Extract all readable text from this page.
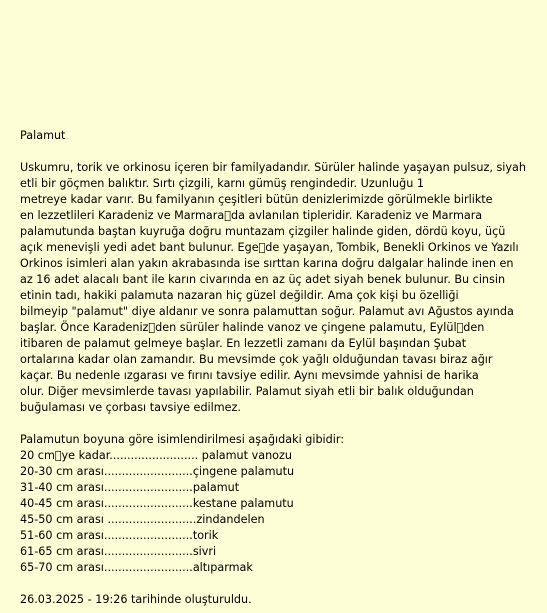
Palamut
Uskumru, torik ve orkinosu içeren bir familyadandır. Sürüler halinde yaşayan pulsuz, siyah
etli bir göçmen balıktır. Sırtı çizgili, karnı gümüş rengindedir. Uzunluğu 1
metreye kadar varır. Bu familyanın çeşitleri bütün denizlerimizde görülmekle birlikte
en lezzetlileri Karadeniz ve Marmara da avlanılan tipleridir. Karadeniz ve Marmara
palamutunda baştan kuyruğa doğru muntazam çizgiler halinde giden, dördü koyu, üçü
açık menevişli yedi adet bant bulunur. Ege de yaşayan, Tombik, Benekli Orkinos ve Yazılı
Orkinos isimleri alan yakın akrabasında ise sırttan karına doğru dalgalar halinde inen en
az 16 adet alacalı bant ile karın civarında en az üç adet siyah benek bulunur. Bu cinsin
etinin tadı, hakiki palamuta nazaran hiç güzel değildir. Ama çok kişi bu özelliği
bilmeyip "palamut" diye aldanır ve sonra palamuttan soğur. Palamut avı Ağustos ayında
başlar. Önce Karadeniz den sürüler halinde vanoz ve çingene palamutu, Eylül den
itibaren de palamut gelmeye başlar. En lezzetli zamanı da Eylül başından Şubat
ortalarına kadar olan zamandır. Bu mevsimde çok yağlı olduğundan tavası biraz ağır
kaçar. Bu nedenle ızgarası ve fırını tavsiye edilir. Aynı mevsimde yahnisi de harika
olur. Diğer mevsimlerde tavası yapılabilir. Palamut siyah etli bir balık olduğundan
buğulaması ve çorbası tavsiye edilmez.
Palamutun boyuna göre isimlendirilmesi aşağıdaki gibidir:
20 cm ye kadar......................... palamut vanozu
20-30 cm arası.........................çingene palamutu
31-40 cm arası.........................palamut
40-45 cm arası.........................kestane palamutu
45-50 cm arası .........................zindandelen
51-60 cm arası.........................torik
61-65 cm arası.........................sivri
65-70 cm arası.........................altıparmak
26.03.2025 - 19:26 tarihinde oluşturuldu.
